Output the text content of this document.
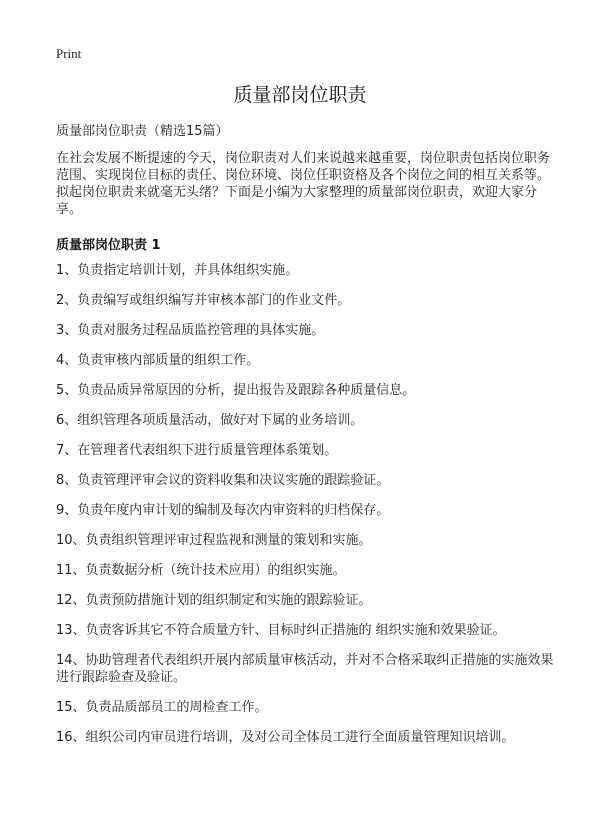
Print
质量部岗位职责
质量部岗位职责（精选15篇）

在社会发展不断提速的今天，岗位职责对人们来说越来越重要，岗位职责包括岗位职务范围、实现岗位目标的责任、岗位环境、岗位任职资格及各个岗位之间的相互关系等。拟起岗位职责来就毫无头绪？下面是小编为大家整理的质量部岗位职责，欢迎大家分享。

质量部岗位职责 1
1、负责指定培训计划，并具体组织实施。
2、负责编写或组织编写并审核本部门的作业文件。
3、负责对服务过程品质监控管理的具体实施。
4、负责审核内部质量的组织工作。
5、负责品质异常原因的分析，提出报告及跟踪各种质量信息。
6、组织管理各项质量活动，做好对下属的业务培训。
7、在管理者代表组织下进行质量管理体系策划。
8、负责管理评审会议的资料收集和决议实施的跟踪验证。
9、负责年度内审计划的编制及每次内审资料的归档保存。
10、负责组织管理评审过程监视和测量的策划和实施。
11、负责数据分析（统计技术应用）的组织实施。
12、负责预防措施计划的组织制定和实施的跟踪验证。
13、负责客诉其它不符合质量方针、目标时纠正措施的 组织实施和效果验证。
14、协助管理者代表组织开展内部质量审核活动，并对不合格采取纠正措施的实施效果进行跟踪验查及验证。
15、负责品质部员工的周检查工作。
16、组织公司内审员进行培训，及对公司全体员工进行全面质量管理知识培训。
